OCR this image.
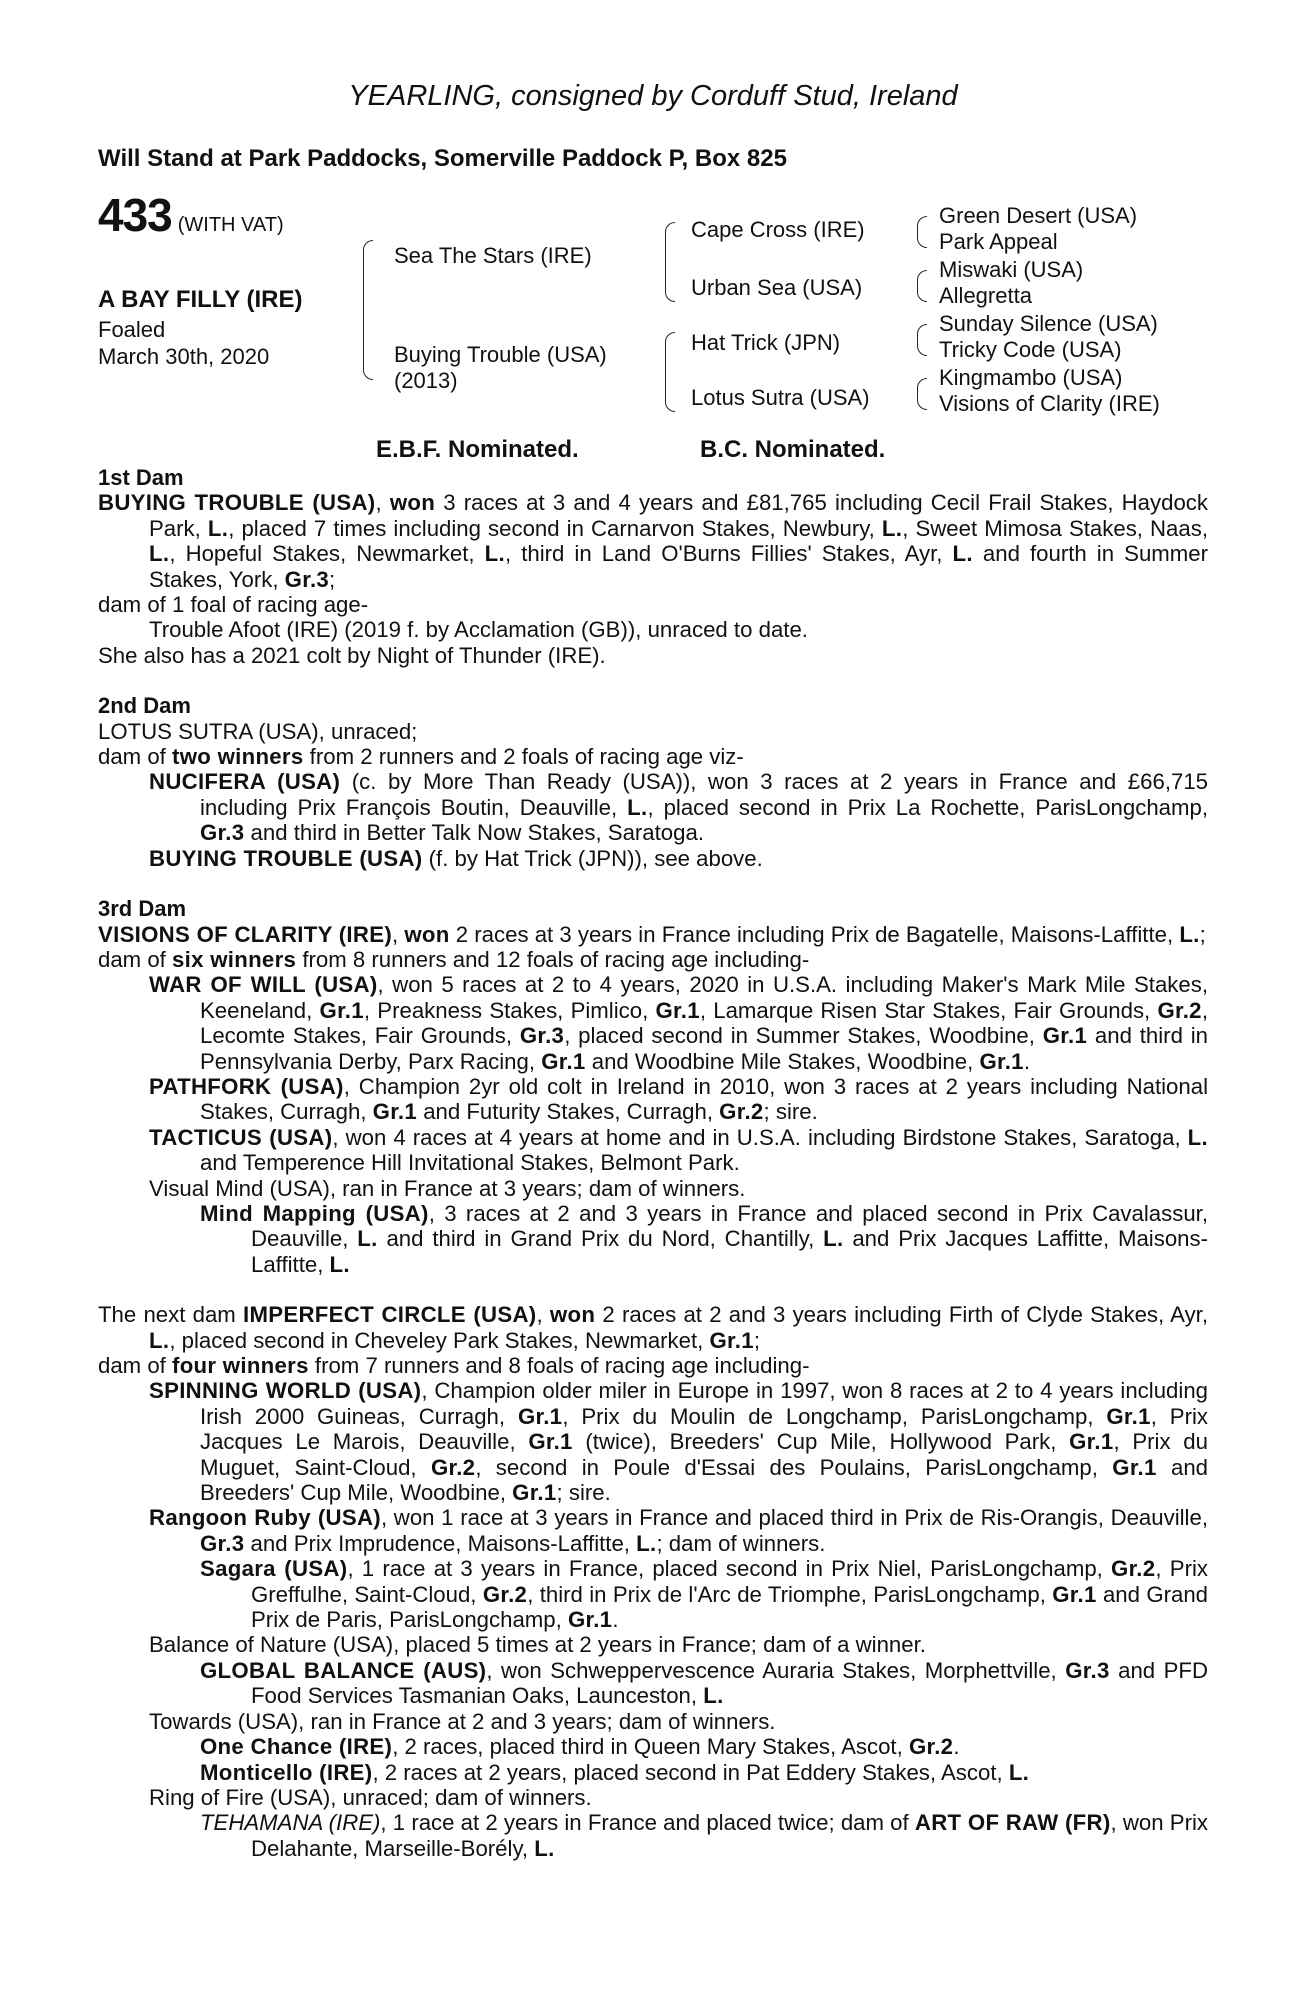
YEARLING, consigned by Corduff Stud, Ireland
Will Stand at Park Paddocks, Somerville Paddock P, Box 825
433 (WITH VAT)
A BAY FILLY (IRE)
Foaled
March 30th, 2020
Sea The Stars (IRE)
Buying Trouble (USA)
(2013)
Cape Cross (IRE)
Urban Sea (USA)
Hat Trick (JPN)
Lotus Sutra (USA)
Green Desert (USA)
Park Appeal
Miswaki (USA)
Allegretta
Sunday Silence (USA)
Tricky Code (USA)
Kingmambo (USA)
Visions of Clarity (IRE)
E.B.F. Nominated.	B.C. Nominated.
1st Dam

BUYING TROUBLE (USA), won 3 races at 3 and 4 years and £81,765 including Cecil Frail Stakes, Haydock Park, L., placed 7 times including second in Carnarvon Stakes, Newbury, L., Sweet Mimosa Stakes, Naas, L., Hopeful Stakes, Newmarket, L., third in Land O'Burns Fillies' Stakes, Ayr, L. and fourth in Summer Stakes, York, Gr.3;

dam of 1 foal of racing age-

Trouble Afoot (IRE) (2019 f. by Acclamation (GB)), unraced to date.

She also has a 2021 colt by Night of Thunder (IRE).

2nd Dam

LOTUS SUTRA (USA), unraced;

dam of two winners from 2 runners and 2 foals of racing age viz-

NUCIFERA (USA) (c. by More Than Ready (USA)), won 3 races at 2 years in France and £66,715 including Prix François Boutin, Deauville, L., placed second in Prix La Rochette, ParisLongchamp, Gr.3 and third in Better Talk Now Stakes, Saratoga.

BUYING TROUBLE (USA) (f. by Hat Trick (JPN)), see above.

3rd Dam

VISIONS OF CLARITY (IRE), won 2 races at 3 years in France including Prix de Bagatelle, Maisons-Laffitte, L.;

dam of six winners from 8 runners and 12 foals of racing age including-

WAR OF WILL (USA), won 5 races at 2 to 4 years, 2020 in U.S.A. including Maker's Mark Mile Stakes, Keeneland, Gr.1, Preakness Stakes, Pimlico, Gr.1, Lamarque Risen Star Stakes, Fair Grounds, Gr.2, Lecomte Stakes, Fair Grounds, Gr.3, placed second in Summer Stakes, Woodbine, Gr.1 and third in Pennsylvania Derby, Parx Racing, Gr.1 and Woodbine Mile Stakes, Woodbine, Gr.1.

PATHFORK (USA), Champion 2yr old colt in Ireland in 2010, won 3 races at 2 years including National Stakes, Curragh, Gr.1 and Futurity Stakes, Curragh, Gr.2; sire.

TACTICUS (USA), won 4 races at 4 years at home and in U.S.A. including Birdstone Stakes, Saratoga, L. and Temperence Hill Invitational Stakes, Belmont Park.

Visual Mind (USA), ran in France at 3 years; dam of winners.

Mind Mapping (USA), 3 races at 2 and 3 years in France and placed second in Prix Cavalassur, Deauville, L. and third in Grand Prix du Nord, Chantilly, L. and Prix Jacques Laffitte, Maisons-Laffitte, L.

The next dam IMPERFECT CIRCLE (USA), won 2 races at 2 and 3 years including Firth of Clyde Stakes, Ayr, L., placed second in Cheveley Park Stakes, Newmarket, Gr.1;

dam of four winners from 7 runners and 8 foals of racing age including-

SPINNING WORLD (USA), Champion older miler in Europe in 1997, won 8 races at 2 to 4 years including Irish 2000 Guineas, Curragh, Gr.1, Prix du Moulin de Longchamp, ParisLongchamp, Gr.1, Prix Jacques Le Marois, Deauville, Gr.1 (twice), Breeders' Cup Mile, Hollywood Park, Gr.1, Prix du Muguet, Saint-Cloud, Gr.2, second in Poule d'Essai des Poulains, ParisLongchamp, Gr.1 and Breeders' Cup Mile, Woodbine, Gr.1; sire.

Rangoon Ruby (USA), won 1 race at 3 years in France and placed third in Prix de Ris-Orangis, Deauville, Gr.3 and Prix Imprudence, Maisons-Laffitte, L.; dam of winners.

Sagara (USA), 1 race at 3 years in France, placed second in Prix Niel, ParisLongchamp, Gr.2, Prix Greffulhe, Saint-Cloud, Gr.2, third in Prix de l'Arc de Triomphe, ParisLongchamp, Gr.1 and Grand Prix de Paris, ParisLongchamp, Gr.1.

Balance of Nature (USA), placed 5 times at 2 years in France; dam of a winner.

GLOBAL BALANCE (AUS), won Schweppervescence Auraria Stakes, Morphettville, Gr.3 and PFD Food Services Tasmanian Oaks, Launceston, L.

Towards (USA), ran in France at 2 and 3 years; dam of winners.

One Chance (IRE), 2 races, placed third in Queen Mary Stakes, Ascot, Gr.2.

Monticello (IRE), 2 races at 2 years, placed second in Pat Eddery Stakes, Ascot, L.

Ring of Fire (USA), unraced; dam of winners.

TEHAMANA (IRE), 1 race at 2 years in France and placed twice; dam of ART OF RAW (FR), won Prix Delahante, Marseille-Borély, L.
